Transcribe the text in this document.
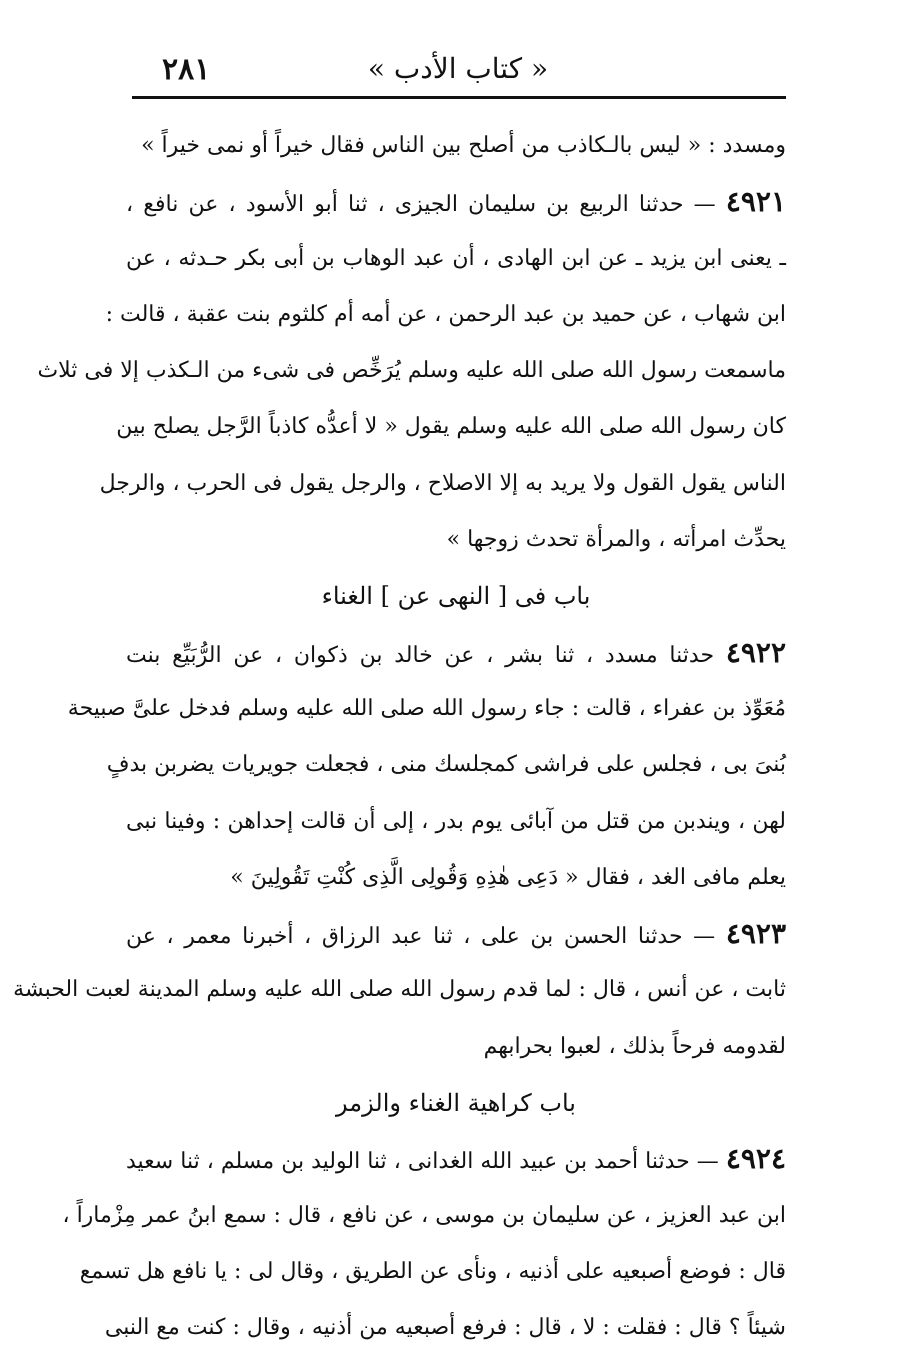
٢٨١	« كتاب الأدب »
ومسدد : « ليس بالـكاذب من أصلح بين الناس فقال خيراً أو نمى خيراً »
٤٩٢١ — حدثنا الربيع بن سليمان الجيزى ، ثنا أبو الأسود ، عن نافع ،
ـ يعنى ابن يزيد ـ عن ابن الهادى ، أن عبد الوهاب بن أبى بكر حـدثه ، عن
ابن شهاب ، عن حميد بن عبد الرحمن ، عن أمه أم كلثوم بنت عقبة ، قالت :
ماسمعت رسول الله صلى الله عليه وسلم يُرَخِّص فى شىء من الـكذب إلا فى ثلاث
كان رسول الله صلى الله عليه وسلم يقول « لا أعدُّه كاذباً الرَّجل يصلح بين
الناس يقول القول ولا يريد به إلا الاصلاح ، والرجل يقول فى الحرب ، والرجل
يحدِّث امرأته ، والمرأة تحدث زوجها »
باب فى [ النهى عن ] الغناء
٤٩٢٢ حدثنا مسدد ، ثنا بشر ، عن خالد بن ذكوان ، عن الرُّبَيِّع بنت
مُعَوِّذ بن عفراء ، قالت : جاء رسول الله صلى الله عليه وسلم فدخل علىَّ صبيحة
بُنىَ بى ، فجلس على فراشى كمجلسك منى ، فجعلت جويريات يضربن بدفٍ
لهن ، ويندبن من قتل من آبائى يوم بدر ، إلى أن قالت إحداهن : وفينا نبى
يعلم مافى الغد ، فقال « دَعِى هٰذِهِ وَقُولِى الَّذِى كُنْتِ تَقُولِينَ »
٤٩٢٣ — حدثنا الحسن بن على ، ثنا عبد الرزاق ، أخبرنا معمر ، عن
ثابت ، عن أنس ، قال : لما قدم رسول الله صلى الله عليه وسلم المدينة لعبت الحبشة
لقدومه فرحاً بذلك ، لعبوا بحرابهم
باب كراهية الغناء والزمر
٤٩٢٤ — حدثنا أحمد بن عبيد الله الغدانى ، ثنا الوليد بن مسلم ، ثنا سعيد
ابن عبد العزيز ، عن سليمان بن موسى ، عن نافع ، قال : سمع ابنُ عمر مِزْماراً ،
قال : فوضع أصبعيه على أذنيه ، ونأى عن الطريق ، وقال لى : يا نافع هل تسمع
شيئاً ؟ قال : فقلت : لا ، قال : فرفع أصبعيه من أذنيه ، وقال : كنت مع النبى
